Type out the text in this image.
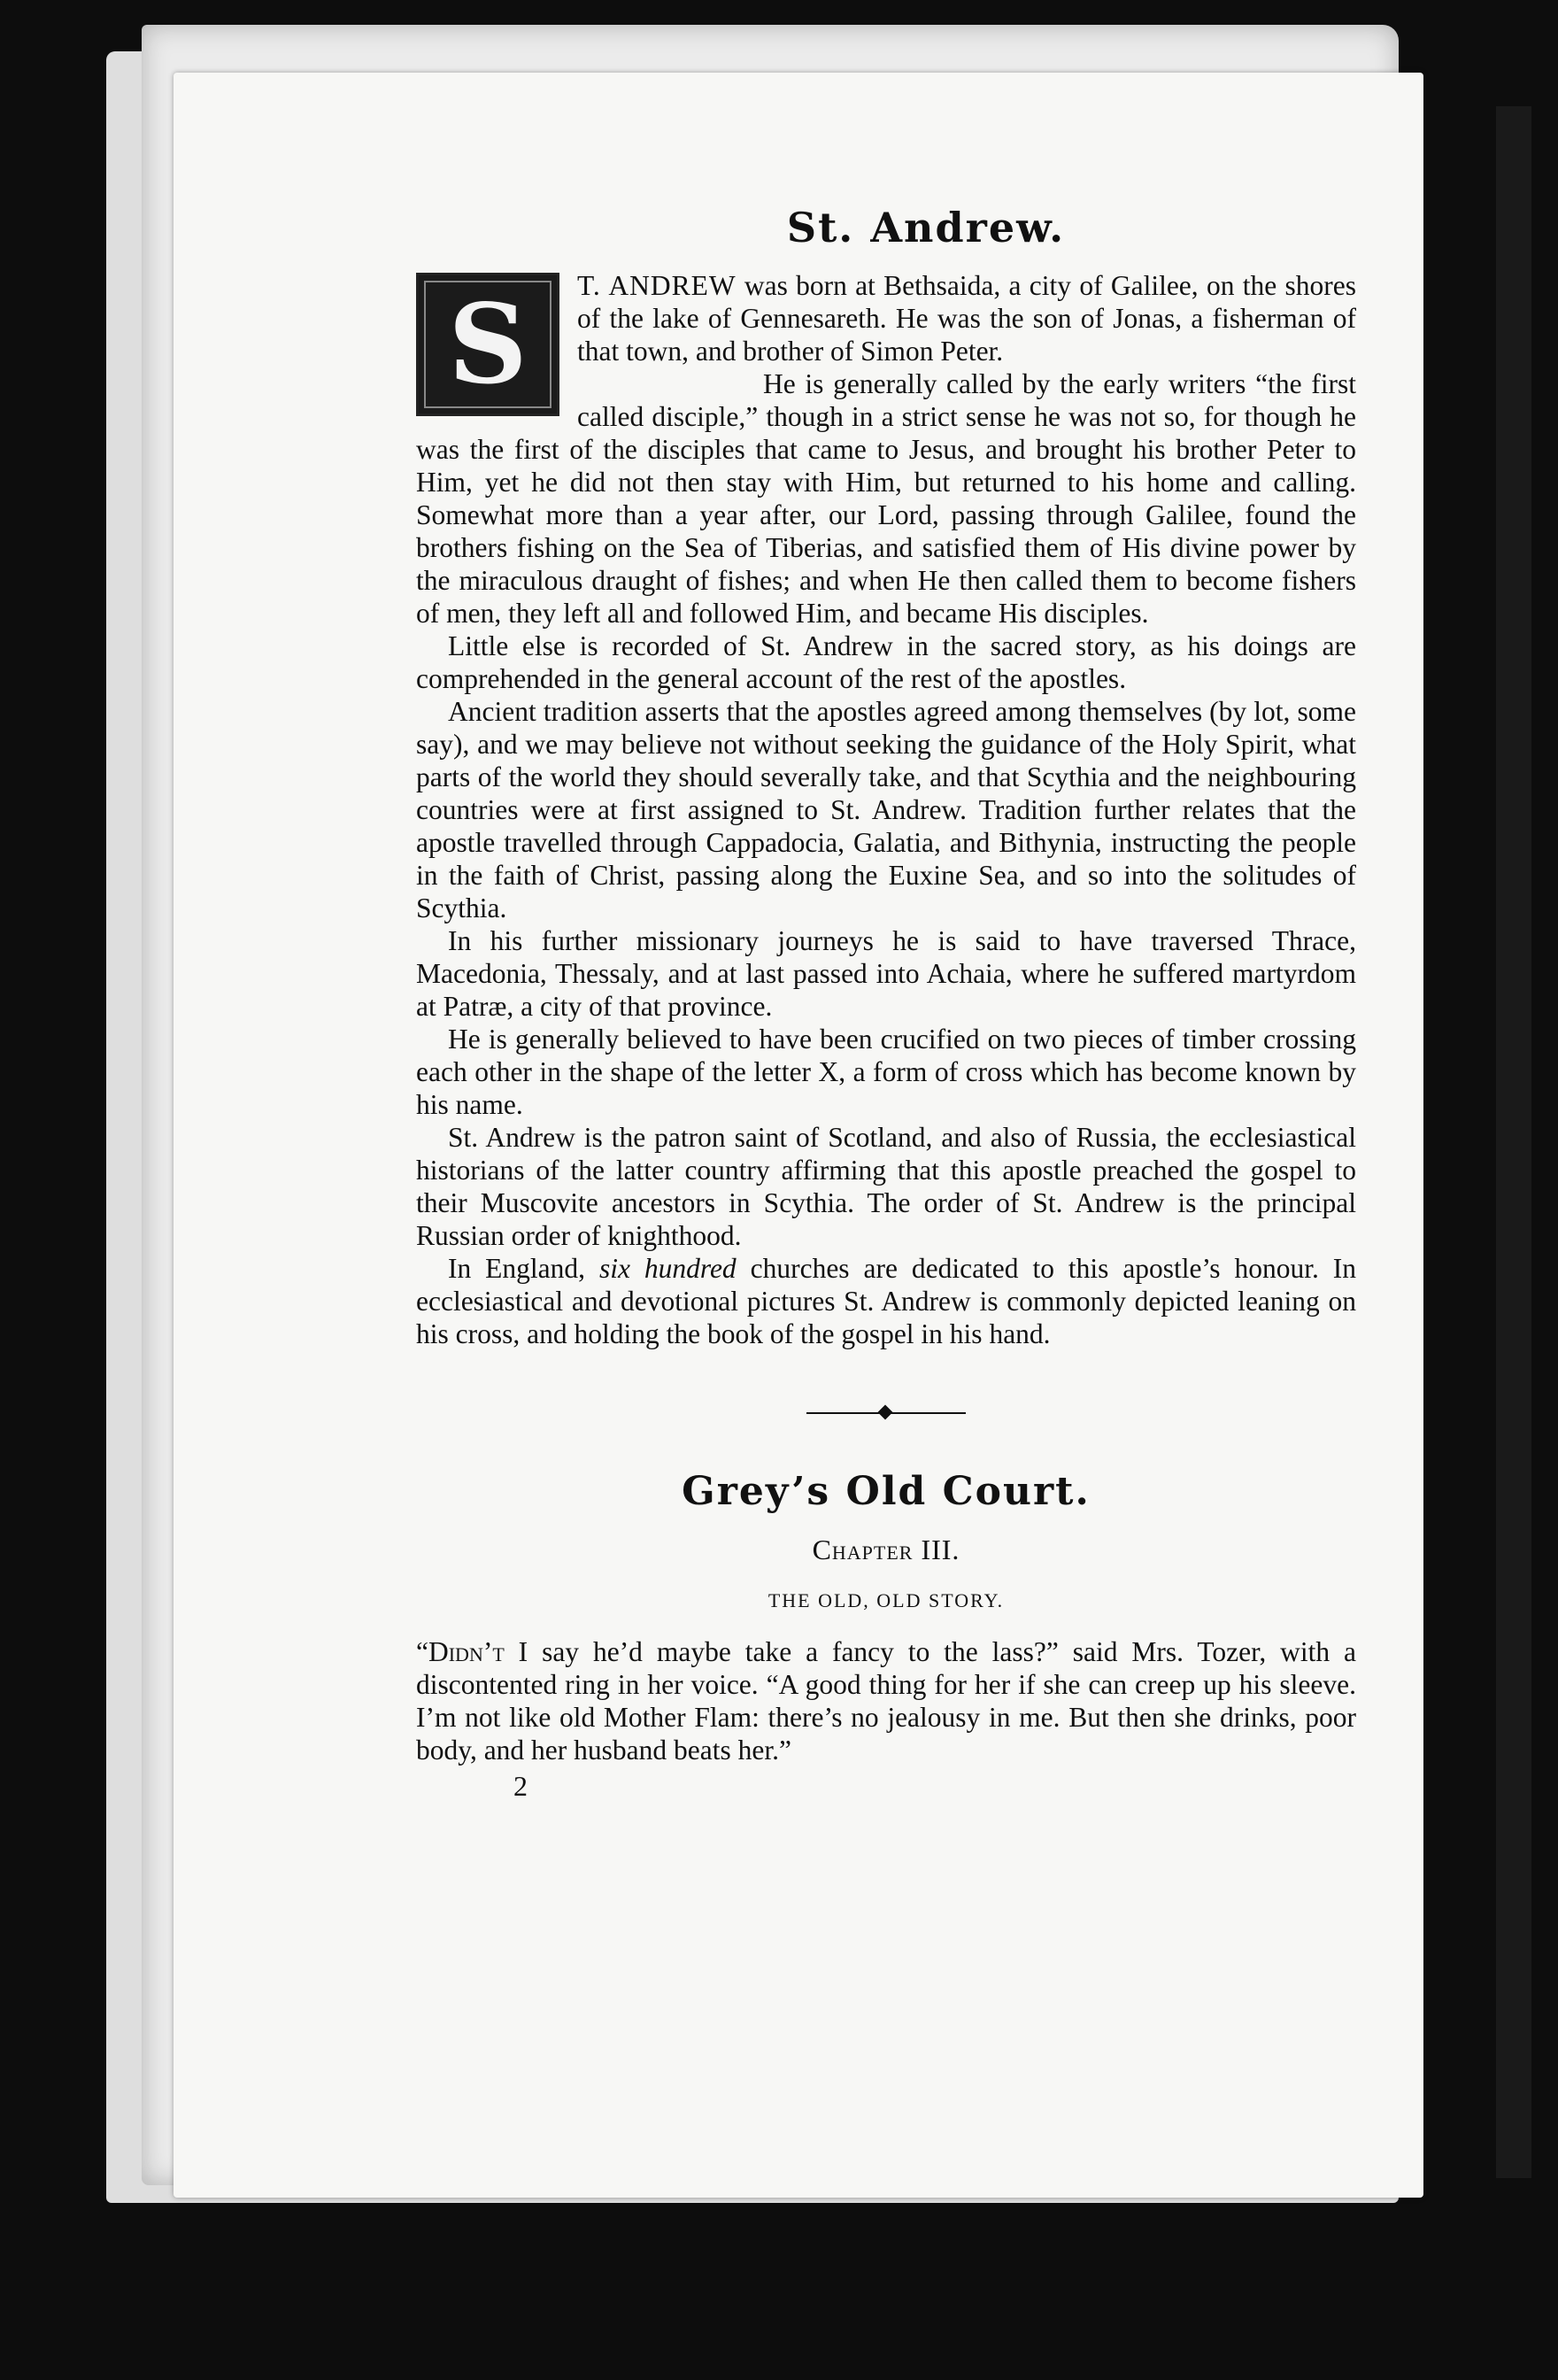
St. Andrew.

S	T. ANDREW was born at Bethsaida, a city of Galilee, on the shores of the lake of Gennesareth. He was the son of Jonas, a fisherman of that town, and brother of Simon Peter.

He is generally called by the early writers “the first called disciple,” though in a strict sense he was not so, for though he was the first of the disciples that came to Jesus, and brought his brother Peter to Him, yet he did not then stay with Him, but returned to his home and calling. Somewhat more than a year after, our Lord, passing through Galilee, found the brothers fishing on the Sea of Tiberias, and satisfied them of His divine power by the miraculous draught of fishes; and when He then called them to become fishers of men, they left all and followed Him, and became His disciples.

Little else is recorded of St. Andrew in the sacred story, as his doings are comprehended in the general account of the rest of the apostles.

Ancient tradition asserts that the apostles agreed among themselves (by lot, some say), and we may believe not without seeking the guidance of the Holy Spirit, what parts of the world they should severally take, and that Scythia and the neighbouring countries were at first assigned to St. Andrew. Tradition further relates that the apostle travelled through Cappadocia, Galatia, and Bithynia, instructing the people in the faith of Christ, passing along the Euxine Sea, and so into the solitudes of Scythia.

In his further missionary journeys he is said to have traversed Thrace, Macedonia, Thessaly, and at last passed into Achaia, where he suffered martyrdom at Patræ, a city of that province.

He is generally believed to have been crucified on two pieces of timber crossing each other in the shape of the letter X, a form of cross which has become known by his name.

St. Andrew is the patron saint of Scotland, and also of Russia, the ecclesiastical historians of the latter country affirming that this apostle preached the gospel to their Muscovite ancestors in Scythia. The order of St. Andrew is the principal Russian order of knighthood.

In England, six hundred churches are dedicated to this apostle’s honour. In ecclesiastical and devotional pictures St. Andrew is commonly depicted leaning on his cross, and holding the book of the gospel in his hand.

Grey’s Old Court.
Chapter III.
THE OLD, OLD STORY.

“Didn’t I say he’d maybe take a fancy to the lass?” said Mrs. Tozer, with a discontented ring in her voice. “A good thing for her if she can creep up his sleeve. I’m not like old Mother Flam: there’s no jealousy in me. But then she drinks, poor body, and her husband beats her.”

2
